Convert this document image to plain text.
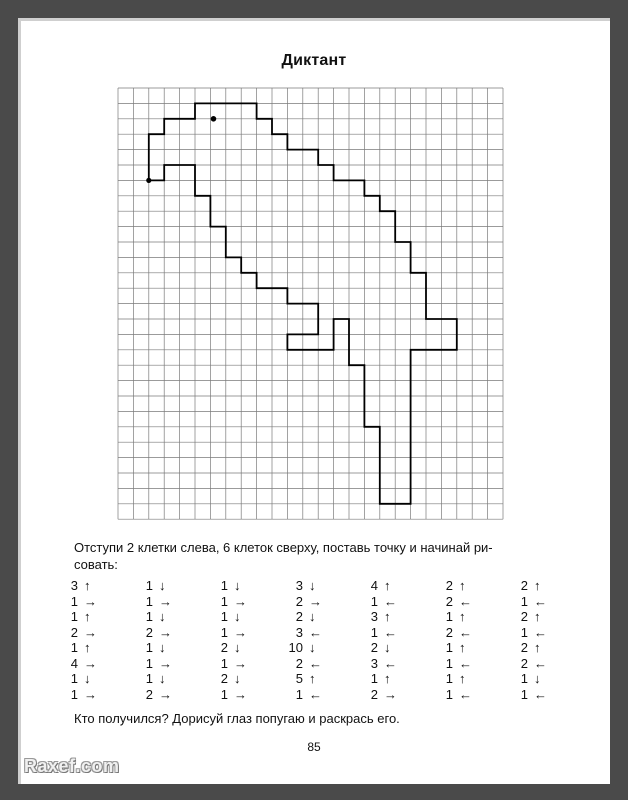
Диктант
Отступи 2 клетки слева, 6 клеток сверху, поставь точку и начинай ри-
совать:
3 ↑
1 →
1 ↑
2 →
1 ↑
4 →
1 ↓
1 →
1 ↓
1 →
1 ↓
2 →
1 ↓
1 →
1 ↓
2 →
1 ↓
1 →
1 ↓
1 →
2 ↓
1 →
2 ↓
1 →
3 ↓
2 →
2 ↓
3 ←
10 ↓
2 ←
5 ↑
1 ←
4 ↑
1 ←
3 ↑
1 ←
2 ↓
3 ←
1 ↑
2 →
2 ↑
2 ←
1 ↑
2 ←
1 ↑
1 ←
1 ↑
1 ←
2 ↑
1 ←
2 ↑
1 ←
2 ↑
2 ←
1 ↓
1 ←
Кто получился? Дорисуй глаз попугаю и раскрась его.
85
Raxef.com
